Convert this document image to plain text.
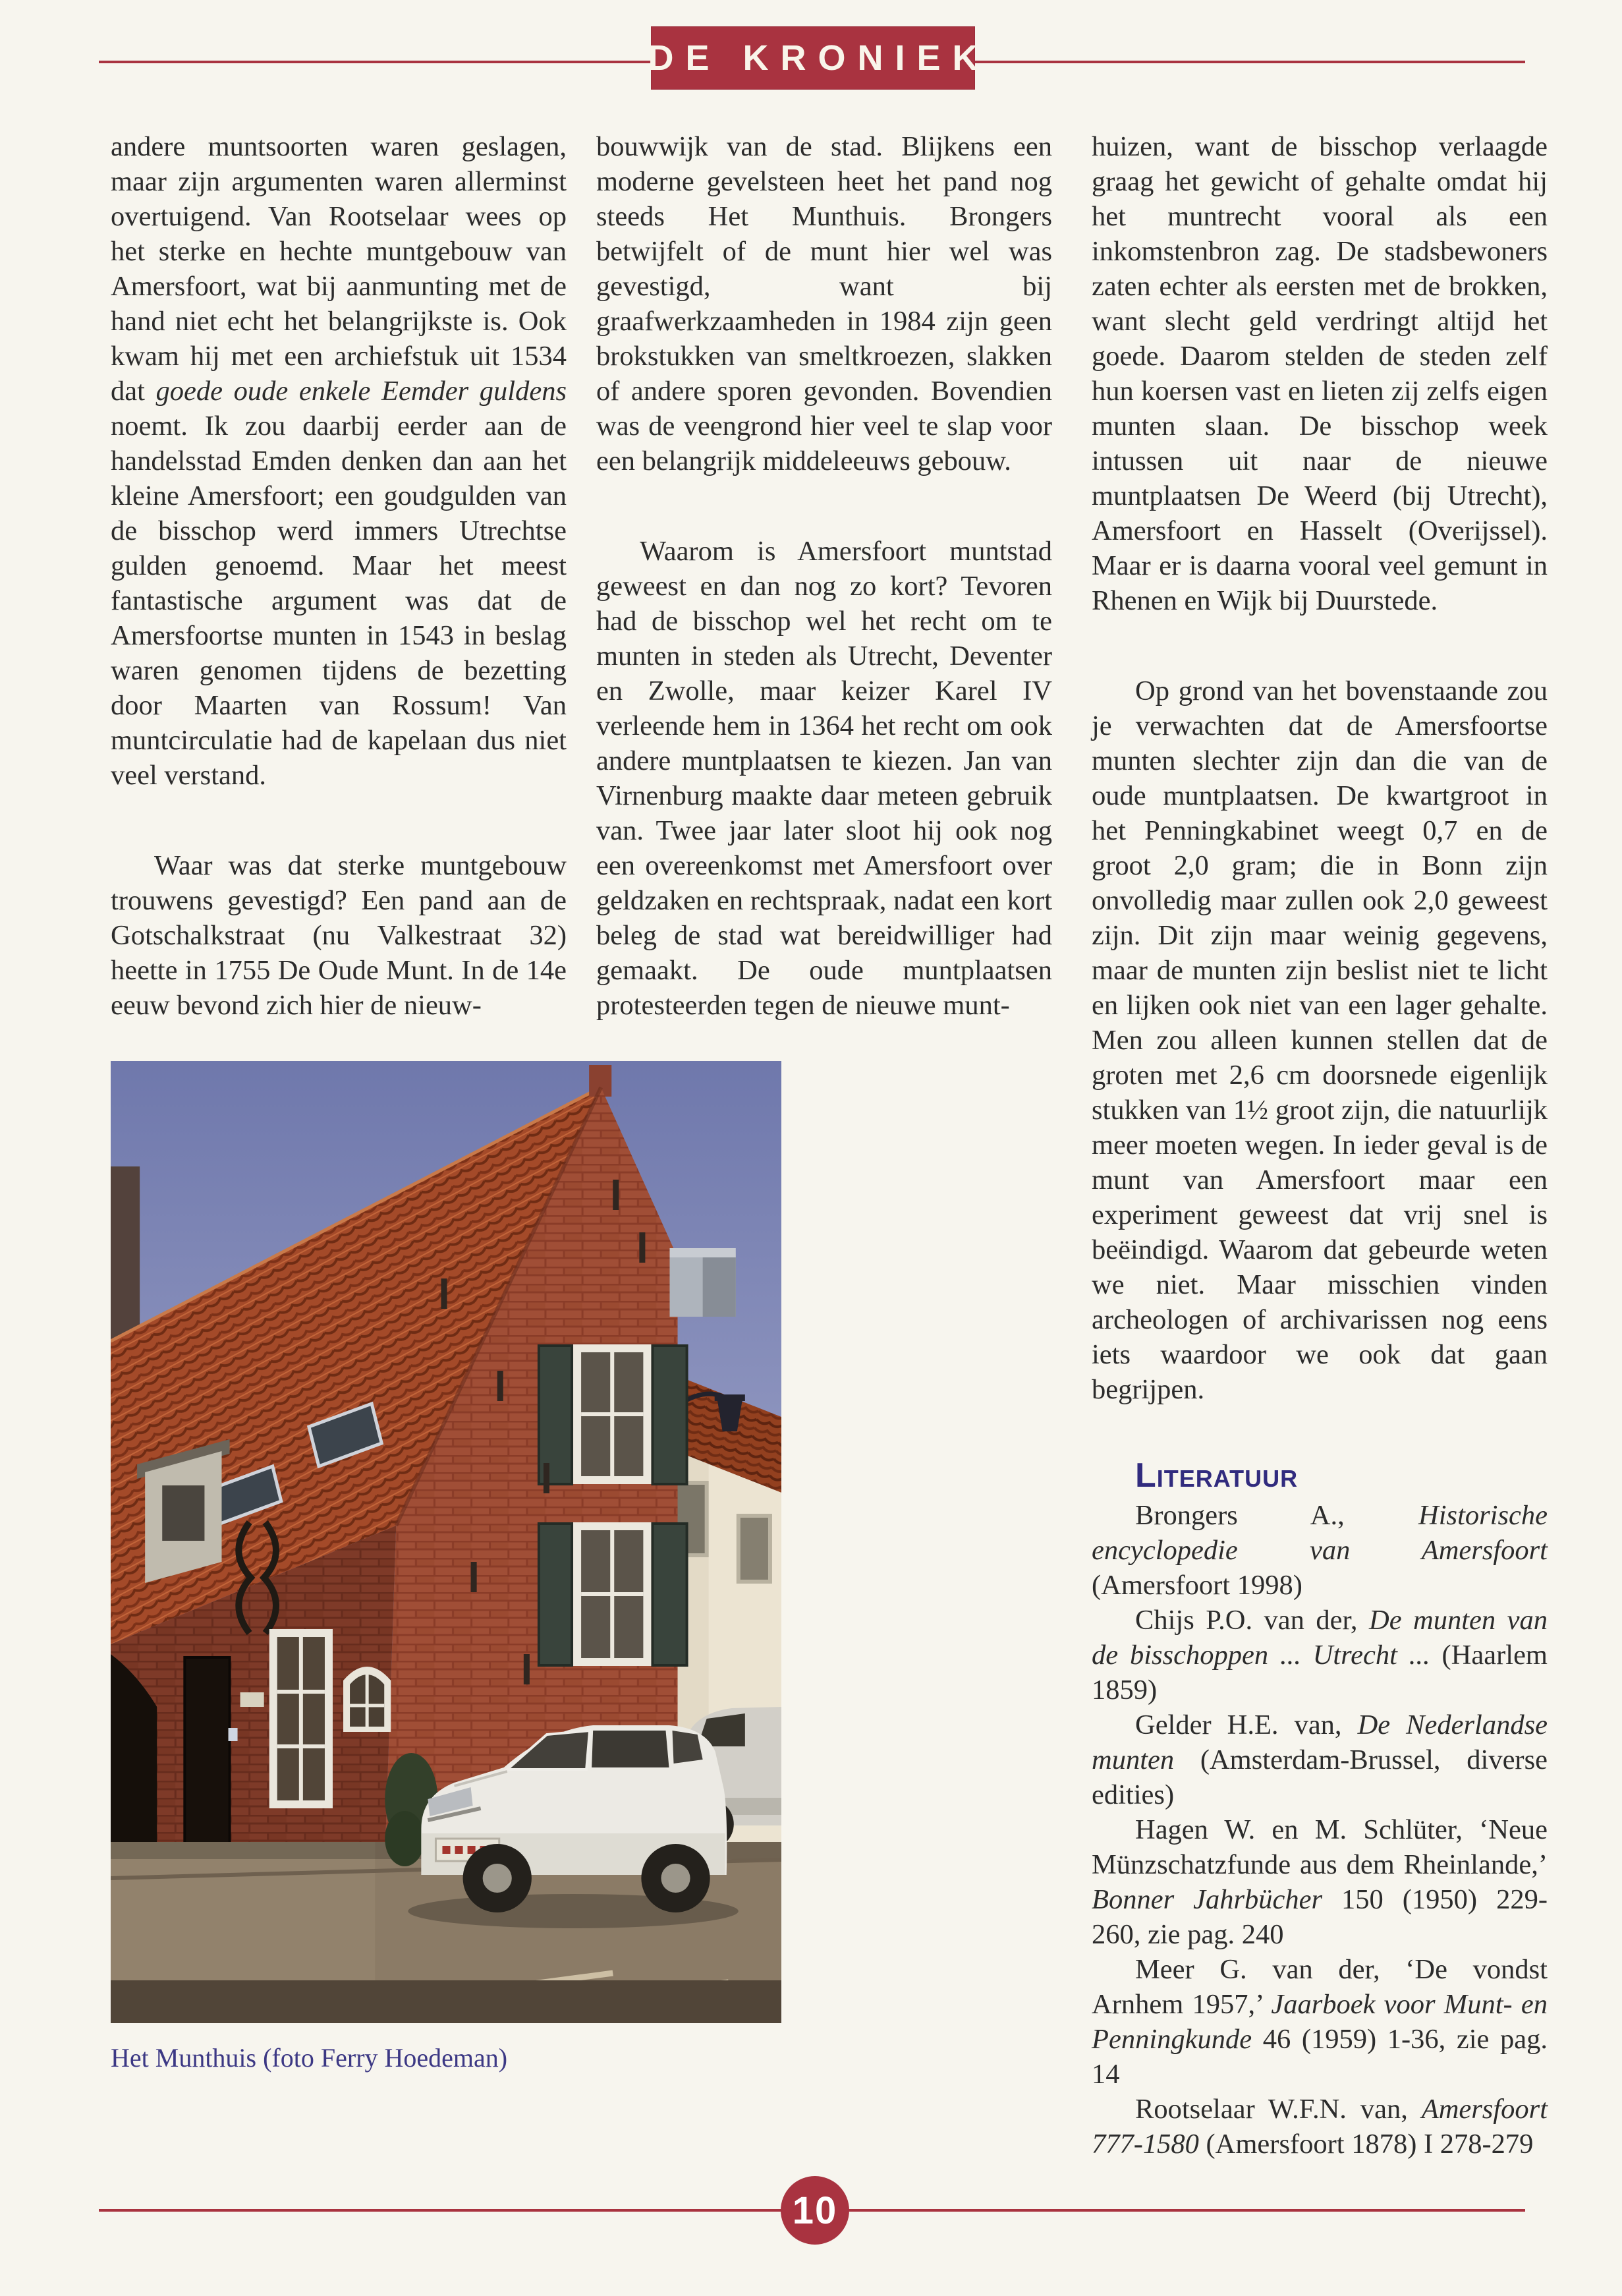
DE KRONIEK

andere muntsoorten waren geslagen, maar zijn argumenten waren allerminst overtuigend. Van Rootselaar wees op het sterke en hechte muntgebouw van Amersfoort, wat bij aanmunting met de hand niet echt het belangrijkste is. Ook kwam hij met een archiefstuk uit 1534 dat goede oude enkele Eemder guldens noemt. Ik zou daarbij eerder aan de handelsstad Emden denken dan aan het kleine Amersfoort; een goudgulden van de bisschop werd immers Utrechtse gulden genoemd. Maar het meest fantastische argument was dat de Amersfoortse munten in 1543 in beslag waren genomen tijdens de bezetting door Maarten van Rossum! Van muntcirculatie had de kapelaan dus niet veel verstand.

Waar was dat sterke muntgebouw trouwens gevestigd? Een pand aan de Gotschalkstraat (nu Valkestraat 32) heette in 1755 De Oude Munt. In de 14e eeuw bevond zich hier de nieuw-

Het Munthuis (foto Ferry Hoedeman)

bouwwijk van de stad. Blijkens een moderne gevelsteen heet het pand nog steeds Het Munthuis. Brongers betwijfelt of de munt hier wel was gevestigd, want bij graafwerkzaamheden in 1984 zijn geen brokstukken van smeltkroezen, slakken of andere sporen gevonden. Bovendien was de veengrond hier veel te slap voor een belangrijk middeleeuws gebouw.

Waarom is Amersfoort muntstad geweest en dan nog zo kort? Tevoren had de bisschop wel het recht om te munten in steden als Utrecht, Deventer en Zwolle, maar keizer Karel IV verleende hem in 1364 het recht om ook andere muntplaatsen te kiezen. Jan van Virnenburg maakte daar meteen gebruik van. Twee jaar later sloot hij ook nog een overeenkomst met Amersfoort over geldzaken en rechtspraak, nadat een kort beleg de stad wat bereidwilliger had gemaakt. De oude muntplaatsen protesteerden tegen de nieuwe munt-

huizen, want de bisschop verlaagde graag het gewicht of gehalte omdat hij het muntrecht vooral als een inkomstenbron zag. De stadsbewoners zaten echter als eersten met de brokken, want slecht geld verdringt altijd het goede. Daarom stelden de steden zelf hun koersen vast en lieten zij zelfs eigen munten slaan. De bisschop week intussen uit naar de nieuwe muntplaatsen De Weerd (bij Utrecht), Amersfoort en Hasselt (Overijssel). Maar er is daarna vooral veel gemunt in Rhenen en Wijk bij Duurstede.

Op grond van het bovenstaande zou je verwachten dat de Amersfoortse munten slechter zijn dan die van de oude muntplaatsen. De kwartgroot in het Penningkabinet weegt 0,7 en de groot 2,0 gram; die in Bonn zijn onvolledig maar zullen ook 2,0 geweest zijn. Dit zijn maar weinig gegevens, maar de munten zijn beslist niet te licht en lijken ook niet van een lager gehalte. Men zou alleen kunnen stellen dat de groten met 2,6 cm doorsnede eigenlijk stukken van 1½ groot zijn, die natuurlijk meer moeten wegen. In ieder geval is de munt van Amersfoort maar een experiment geweest dat vrij snel is beëindigd. Waarom dat gebeurde weten we niet. Maar misschien vinden archeologen of archivarissen nog eens iets waardoor we ook dat gaan begrijpen.

Literatuur

Brongers A., Historische encyclopedie van Amersfoort (Amersfoort 1998)

Chijs P.O. van der, De munten van de bisschoppen ... Utrecht ... (Haarlem 1859)

Gelder H.E. van, De Nederlandse munten (Amsterdam-Brussel, diverse edities)

Hagen W. en M. Schlüter, ‘Neue Münzschatzfunde aus dem Rheinlande,’ Bonner Jahrbücher 150 (1950) 229-260, zie pag. 240

Meer G. van der, ‘De vondst Arnhem 1957,’ Jaarboek voor Munt- en Penningkunde 46 (1959) 1-36, zie pag. 14

Rootselaar W.F.N. van, Amersfoort 777-1580 (Amersfoort 1878) I 278-279

10
